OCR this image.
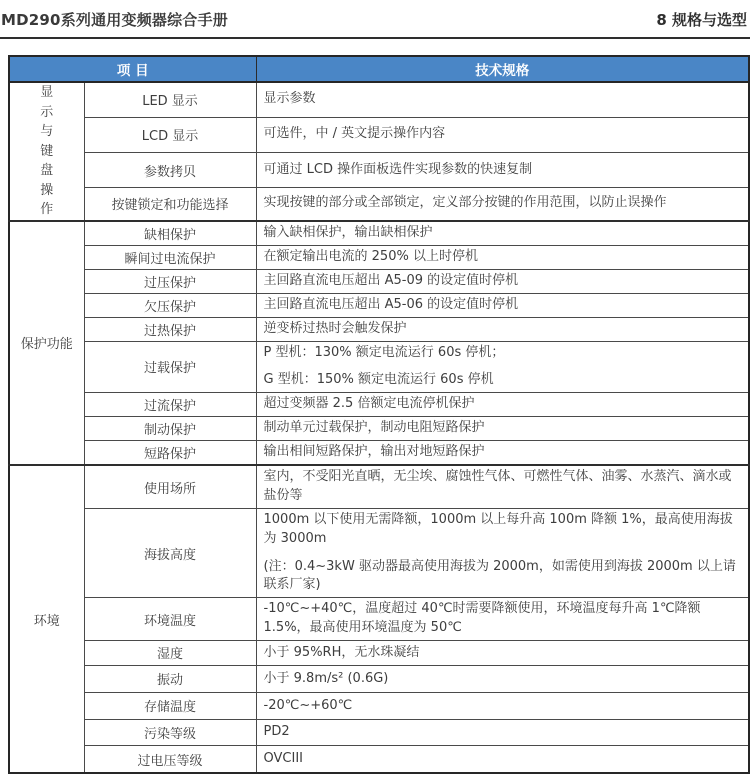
MD290系列通用变频器综合手册	8 规格与选型
项 目		技术规格

显示与键盘操作	LED 显示	显示参数

	LCD 显示	可选件，中 / 英文提示操作内容

	参数拷贝	可通过 LCD 操作面板选件实现参数的快速复制

	按键锁定和功能选择	实现按键的部分或全部锁定，定义部分按键的作用范围，以防止误操作

保护功能	缺相保护	输入缺相保护，输出缺相保护

	瞬间过电流保护	在额定输出电流的 250% 以上时停机

	过压保护	主回路直流电压超出 A5-09 的设定值时停机

	欠压保护	主回路直流电压超出 A5-06 的设定值时停机

	过热保护	逆变桥过热时会触发保护

	过载保护	P 型机：130% 额定电流运行 60s 停机；
G 型机：150% 额定电流运行 60s 停机

	过流保护	超过变频器 2.5 倍额定电流停机保护

	制动保护	制动单元过载保护，制动电阻短路保护

	短路保护	输出相间短路保护，输出对地短路保护

环境	使用场所	室内，不受阳光直晒，无尘埃、腐蚀性气体、可燃性气体、油雾、水蒸汽、滴水或盐份等

	海拔高度	1000m 以下使用无需降额，1000m 以上每升高 100m 降额 1%，最高使用海拔为 3000m
(注：0.4~3kW 驱动器最高使用海拔为 2000m，如需使用到海拔 2000m 以上请联系厂家)

	环境温度	-10℃~+40℃，温度超过 40℃时需要降额使用，环境温度每升高 1℃降额 1.5%，最高使用环境温度为 50℃

	湿度	小于 95%RH，无水珠凝结

	振动	小于 9.8m/s² (0.6G)

	存储温度	-20℃~+60℃

	污染等级	PD2

	过电压等级	OVCIII
